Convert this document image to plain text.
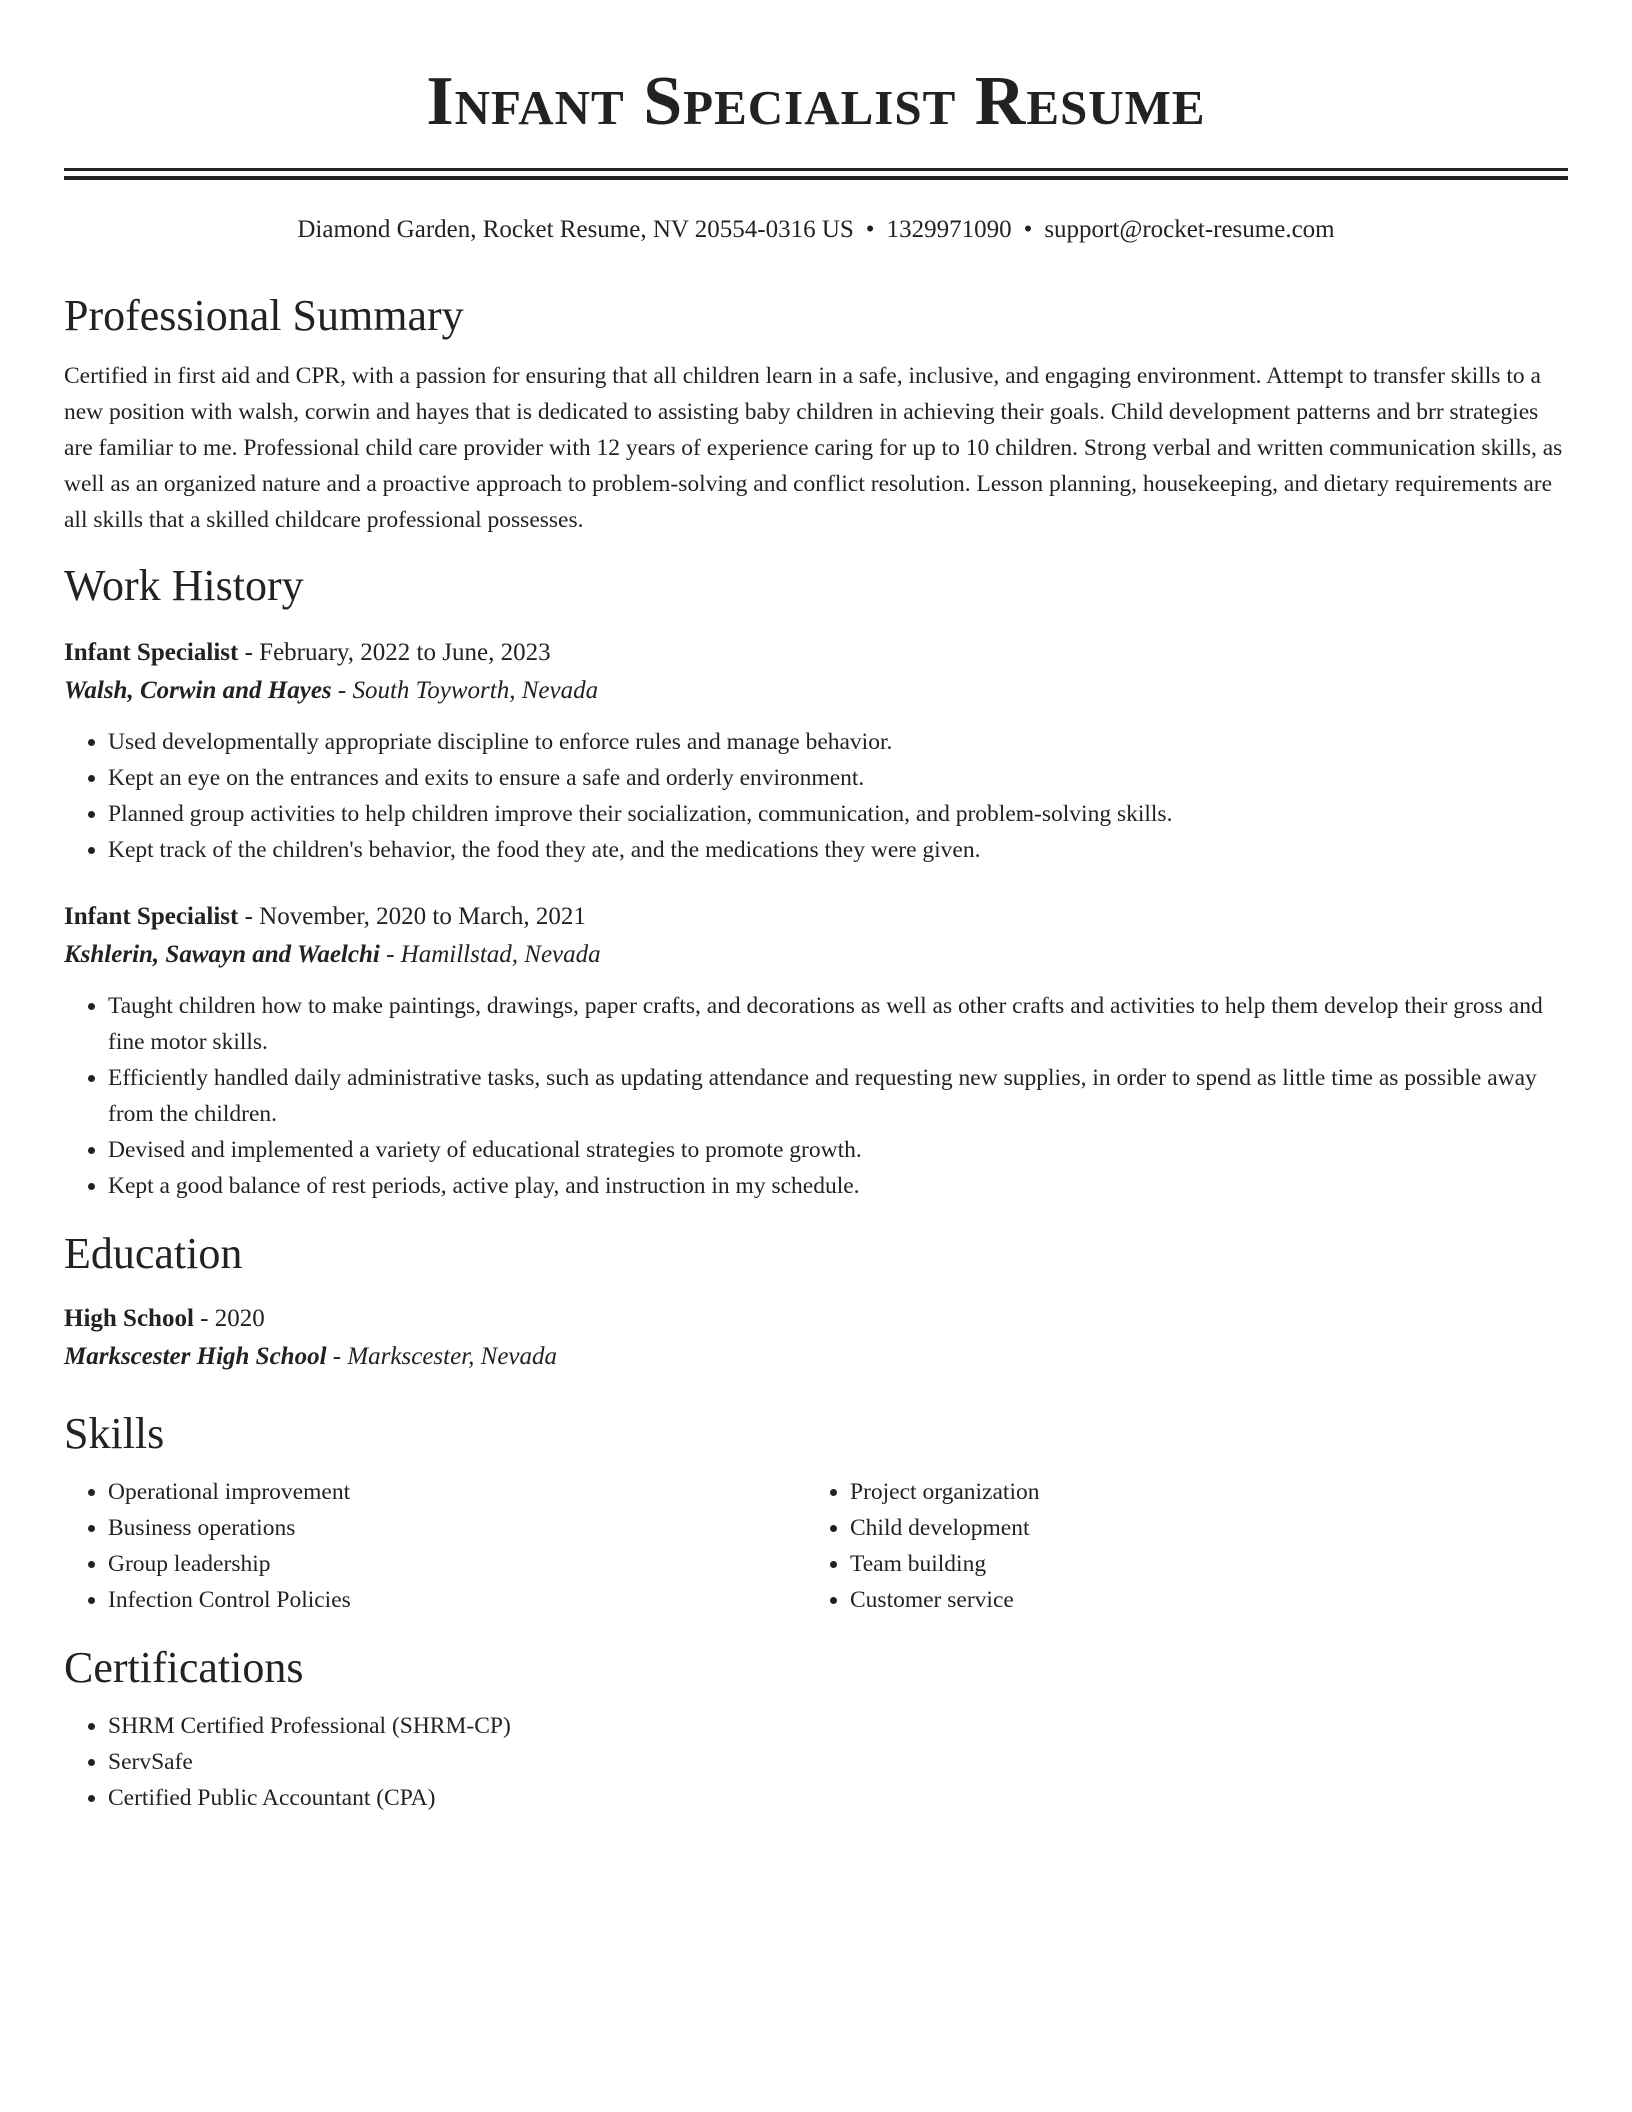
Infant Specialist Resume
Diamond Garden, Rocket Resume, NV 20554-0316 US • 1329971090 • support@rocket-resume.com
Professional Summary

Certified in first aid and CPR, with a passion for ensuring that all children learn in a safe, inclusive, and engaging environment. Attempt to transfer skills to a new position with walsh, corwin and hayes that is dedicated to assisting baby children in achieving their goals. Child development patterns and brr strategies are familiar to me. Professional child care provider with 12 years of experience caring for up to 10 children. Strong verbal and written communication skills, as well as an organized nature and a proactive approach to problem-solving and conflict resolution. Lesson planning, housekeeping, and dietary requirements are all skills that a skilled childcare professional possesses.

Work History
Infant Specialist - February, 2022 to June, 2023
Walsh, Corwin and Hayes - South Toyworth, Nevada
• Used developmentally appropriate discipline to enforce rules and manage behavior.
• Kept an eye on the entrances and exits to ensure a safe and orderly environment.
• Planned group activities to help children improve their socialization, communication, and problem-solving skills.
• Kept track of the children's behavior, the food they ate, and the medications they were given.
Infant Specialist - November, 2020 to March, 2021
Kshlerin, Sawayn and Waelchi - Hamillstad, Nevada
• Taught children how to make paintings, drawings, paper crafts, and decorations as well as other crafts and activities to help them develop their gross and fine motor skills.
• Efficiently handled daily administrative tasks, such as updating attendance and requesting new supplies, in order to spend as little time as possible away from the children.
• Devised and implemented a variety of educational strategies to promote growth.
• Kept a good balance of rest periods, active play, and instruction in my schedule.
Education
High School - 2020
Markscester High School - Markscester, Nevada
Skills
• Operational improvement
• Business operations
• Group leadership
• Infection Control Policies
• Project organization
• Child development
• Team building
• Customer service
Certifications
• SHRM Certified Professional (SHRM-CP)
• ServSafe
• Certified Public Accountant (CPA)
